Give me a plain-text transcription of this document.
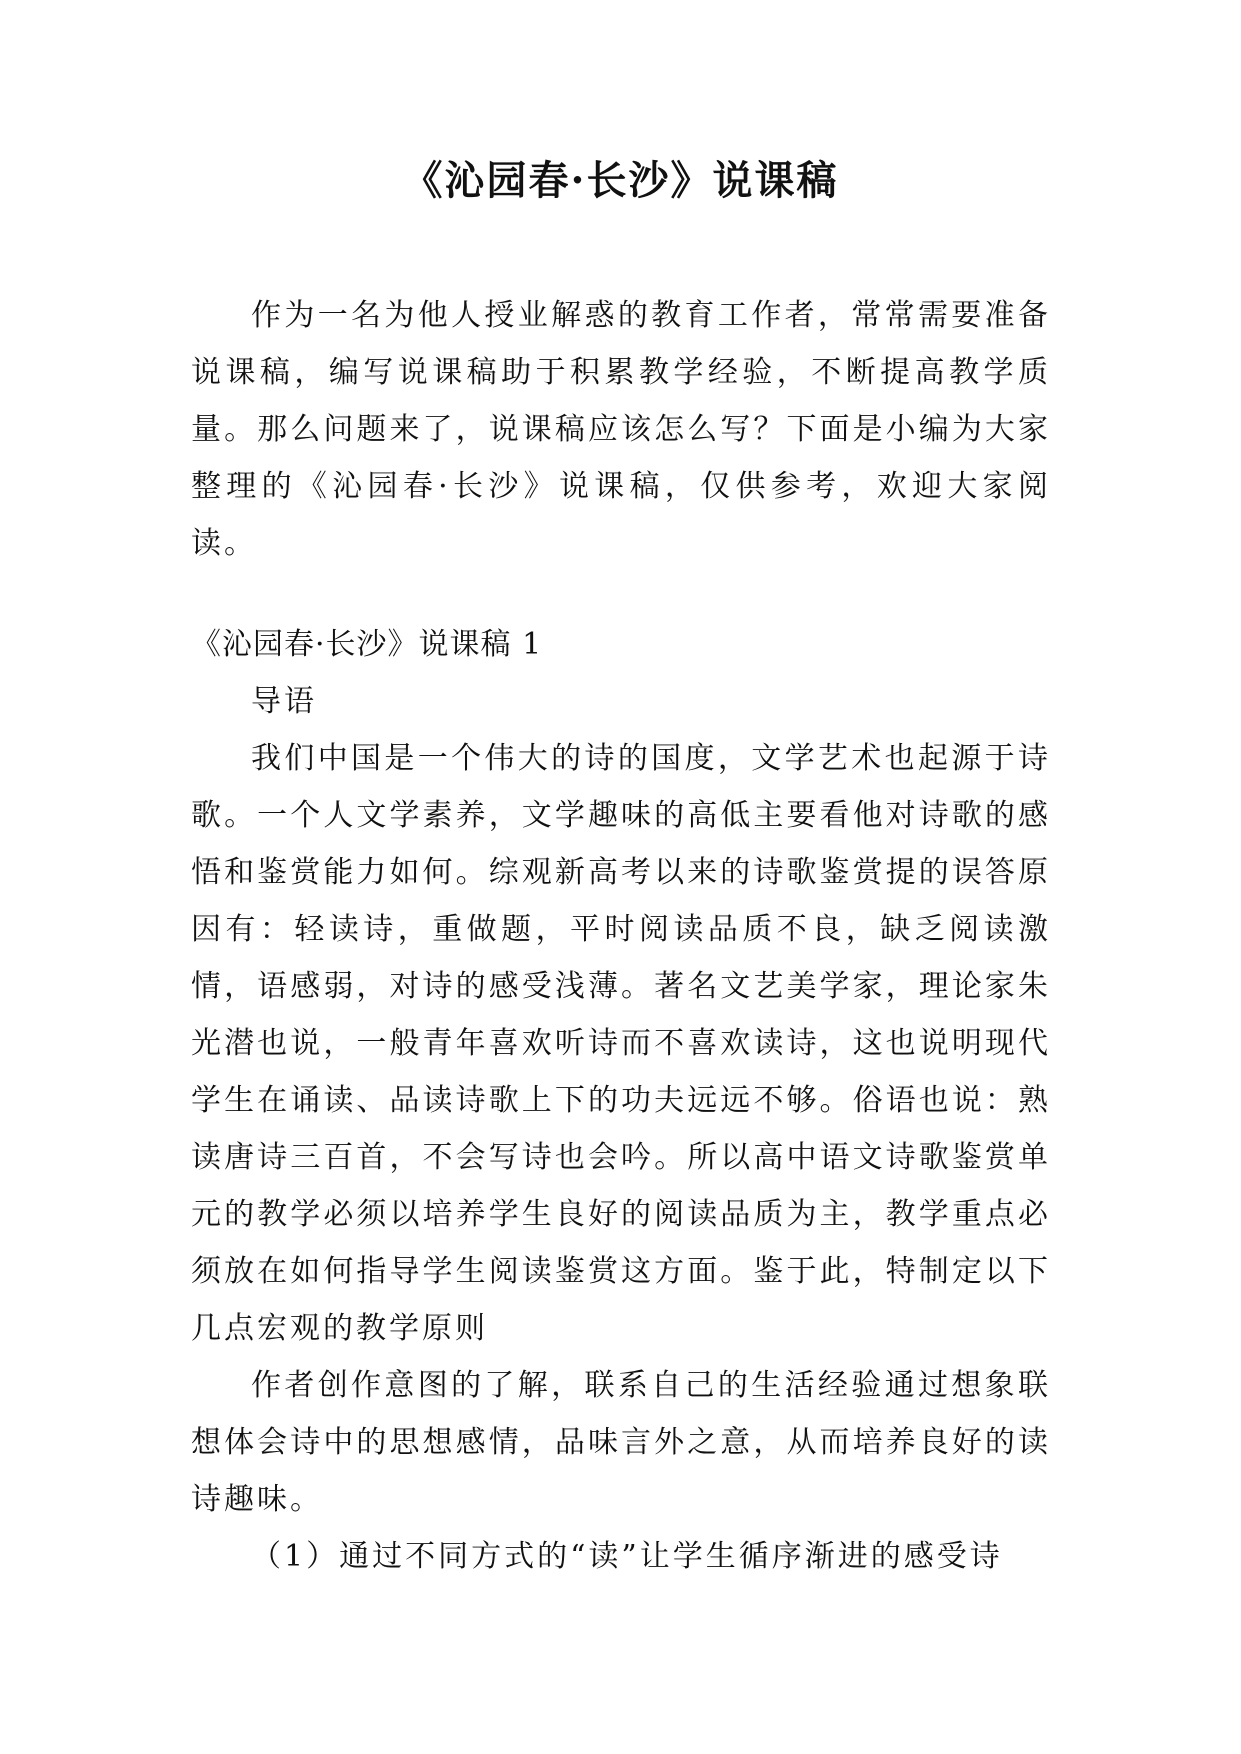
《沁园春·长沙》说课稿

作为一名为他人授业解惑的教育工作者，常常需要准备说课稿，编写说课稿助于积累教学经验，不断提高教学质量。那么问题来了，说课稿应该怎么写？下面是小编为大家整理的《沁园春·长沙》说课稿，仅供参考，欢迎大家阅读。

《沁园春·长沙》说课稿 1

导语

我们中国是一个伟大的诗的国度，文学艺术也起源于诗歌。一个人文学素养，文学趣味的高低主要看他对诗歌的感悟和鉴赏能力如何。综观新高考以来的诗歌鉴赏提的误答原因有：轻读诗，重做题，平时阅读品质不良，缺乏阅读激情，语感弱，对诗的感受浅薄。著名文艺美学家，理论家朱光潜也说，一般青年喜欢听诗而不喜欢读诗，这也说明现代学生在诵读、品读诗歌上下的功夫远远不够。俗语也说：熟读唐诗三百首，不会写诗也会吟。所以高中语文诗歌鉴赏单元的教学必须以培养学生良好的阅读品质为主，教学重点必须放在如何指导学生阅读鉴赏这方面。鉴于此，特制定以下几点宏观的教学原则

作者创作意图的了解，联系自己的生活经验通过想象联想体会诗中的思想感情，品味言外之意，从而培养良好的读诗趣味。

（1）通过不同方式的“读”让学生循序渐进的感受诗
